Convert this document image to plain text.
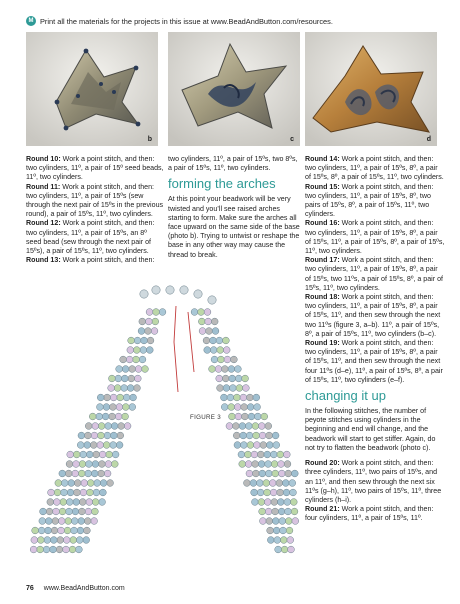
M Print all the materials for the projects in this issue at www.BeadAndButton.com/resources.
b	c	d

Round 10: Work a point stitch, and then: two cylinders, 11º, a pair of 15º seed beads, 11º, two cylinders.

Round 11: Work a point stitch, and then: two cylinders, 11º, a pair of 15ºs (sew through the next pair of 15ºs in the previous round), a pair of 15ºs, 11º, two cylinders.

Round 12: Work a point stitch, and then: two cylinders, 11º, a pair of 15ºs, an 8º seed bead (sew through the next pair of 15ºs), a pair of 15ºs, 11º, two cylinders.

Round 13: Work a point stitch, and then:

two cylinders, 11º, a pair of 15ºs, two 8ºs, a pair of 15ºs, 11º, two cylinders.

forming the arches

At this point your beadwork will be very twisted and you’ll see raised arches starting to form. Make sure the arches all face upward on the same side of the base (photo b). Trying to untwist or reshape the base in any other way may cause the thread to break.

Round 14: Work a point stitch, and then: two cylinders, 11º, a pair of 15ºs, 8º, a pair of 15ºs, 8º, a pair of 15ºs, 11º, two cylinders.

Round 15: Work a point stitch, and then: two cylinders, 11º, a pair of 15ºs, 8º, two pairs of 15ºs, 8º, a pair of 15ºs, 11º, two cylinders.

Round 16: Work a point stitch, and then: two cylinders, 11º, a pair of 15ºs, 8º, a pair of 15ºs, 11º, a pair of 15ºs, 8º, a pair of 15ºs, 11º, two cylinders.

Round 17: Work a point stitch, and then: two cylinders, 11º, a pair of 15ºs, 8º, a pair of 15ºs, two 11ºs, a pair of 15ºs, 8º, a pair of 15ºs, 11º, two cylinders.

Round 18: Work a point stitch, and then: two cylinders, 11º, a pair of 15ºs, 8º, a pair of 15ºs, 11º, and then sew through the next two 11ºs (figure 3, a–b). 11º, a pair of 15ºs, 8º, a pair of 15ºs, 11º, two cylinders (b–c).

Round 19: Work a point stitch, and then: two cylinders, 11º, a pair of 15ºs, 8º, a pair of 15ºs, 11º, and then sew through the next four 11ºs (d–e), 11º, a pair of 15ºs, 8º, a pair of 15ºs, 11º, two cylinders (e–f).

changing it up

In the following stitches, the number of peyote stitches using cylinders in the beginning and end will change, and the beadwork will start to get stiffer. Again, do not try to flatten the beadwork (photo c).

Round 20: Work a point stitch, and then: three cylinders, 11º, two pairs of 15ºs, and an 11º, and then sew through the next six 11ºs (g–h), 11º, two pairs of 15ºs, 11º, three cylinders (h–i).

Round 21: Work a point stitch, and then: four cylinders, 11º, a pair of 15ºs, 11º.

FIGURE 3
76 www.BeadAndButton.com
